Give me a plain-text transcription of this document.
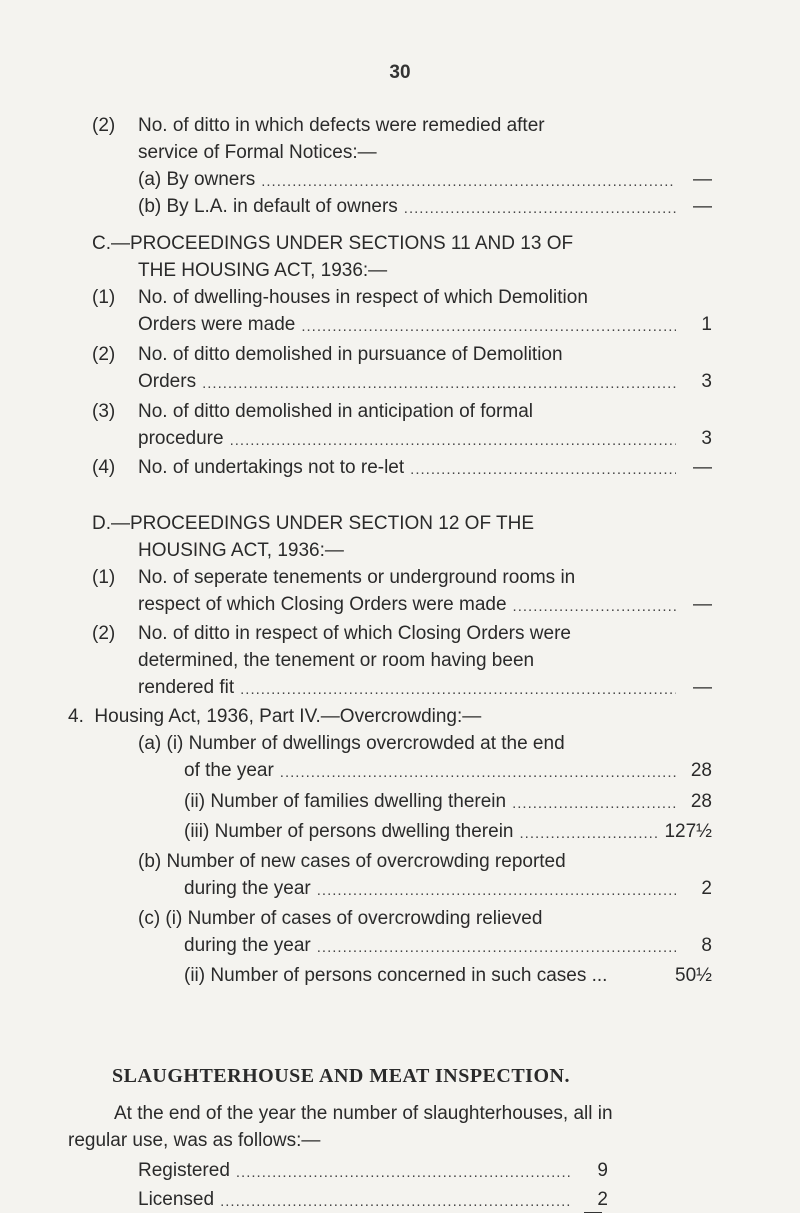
30
(2) No. of ditto in which defects were remedied after
service of Formal Notices:—
(a) By owners .....	—
(b) By L.A. in default of owners .....	—
C.—PROCEEDINGS UNDER SECTIONS 11 AND 13 OF
THE HOUSING ACT, 1936:—
(1) No. of dwelling-houses in respect of which Demolition
Orders were made .....	1
(2) No. of ditto demolished in pursuance of Demolition
Orders .....	3
(3) No. of ditto demolished in anticipation of formal
procedure .....	3
(4) No. of undertakings not to re-let .....	—
D.—PROCEEDINGS UNDER SECTION 12 OF THE
HOUSING ACT, 1936:—
(1) No. of seperate tenements or underground rooms in
respect of which Closing Orders were made .....	—
(2) No. of ditto in respect of which Closing Orders were
determined, the tenement or room having been
rendered fit .....	—
4.  Housing Act, 1936, Part IV.—Overcrowding:—
(a) (i) Number of dwellings overcrowded at the end
of the year .....	28
(ii) Number of families dwelling therein .....	28
(iii) Number of persons dwelling therein .....	127½
(b) Number of new cases of overcrowding reported
during the year .....	2
(c) (i) Number of cases of overcrowding relieved
during the year .....	8
(ii) Number of persons concerned in such cases ...	50½
SLAUGHTERHOUSE AND MEAT INSPECTION.
At the end of the year the number of slaughterhouses, all in
regular use, was as follows:—
Registered .....	9
Licensed .....	2
